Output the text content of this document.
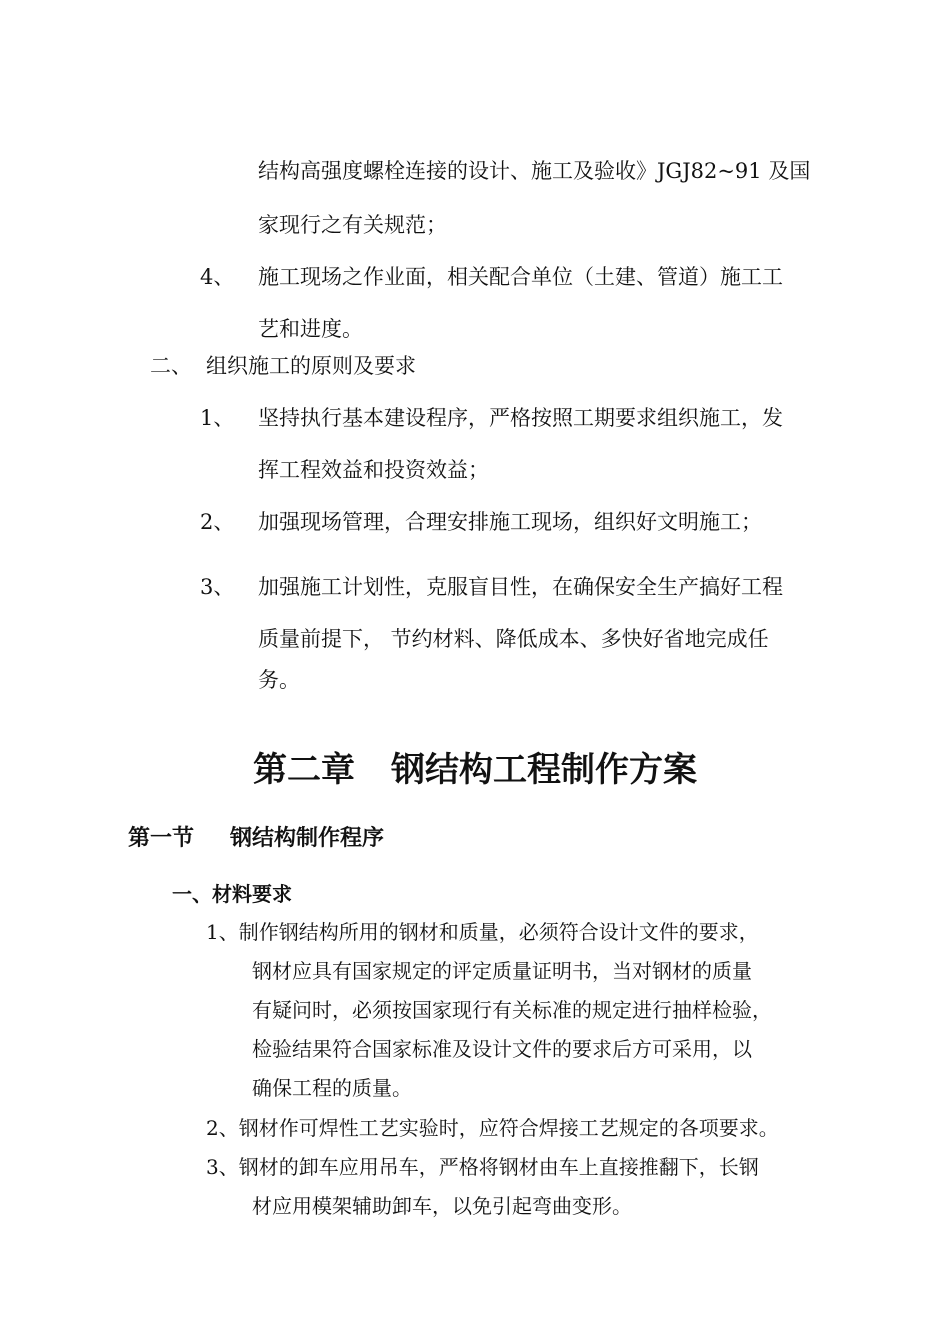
结构高强度螺栓连接的设计、施工及验收》JGJ82~91 及国
家现行之有关规范；
4、 施工现场之作业面，相关配合单位（土建、管道）施工工
艺和进度。
二、 组织施工的原则及要求
1、 坚持执行基本建设程序，严格按照工期要求组织施工，发
挥工程效益和投资效益；
2、 加强现场管理，合理安排施工现场，组织好文明施工；
3、 加强施工计划性，克服盲目性，在确保安全生产搞好工程
质量前提下， 节约材料、降低成本、多快好省地完成任
务。
第二章 钢结构工程制作方案
第一节 钢结构制作程序
一、材料要求
1、制作钢结构所用的钢材和质量，必须符合设计文件的要求，
钢材应具有国家规定的评定质量证明书，当对钢材的质量
有疑问时，必须按国家现行有关标准的规定进行抽样检验，
检验结果符合国家标准及设计文件的要求后方可采用，以
确保工程的质量。
2、钢材作可焊性工艺实验时，应符合焊接工艺规定的各项要求。
3、钢材的卸车应用吊车，严格将钢材由车上直接推翻下，长钢
材应用模架辅助卸车，以免引起弯曲变形。
